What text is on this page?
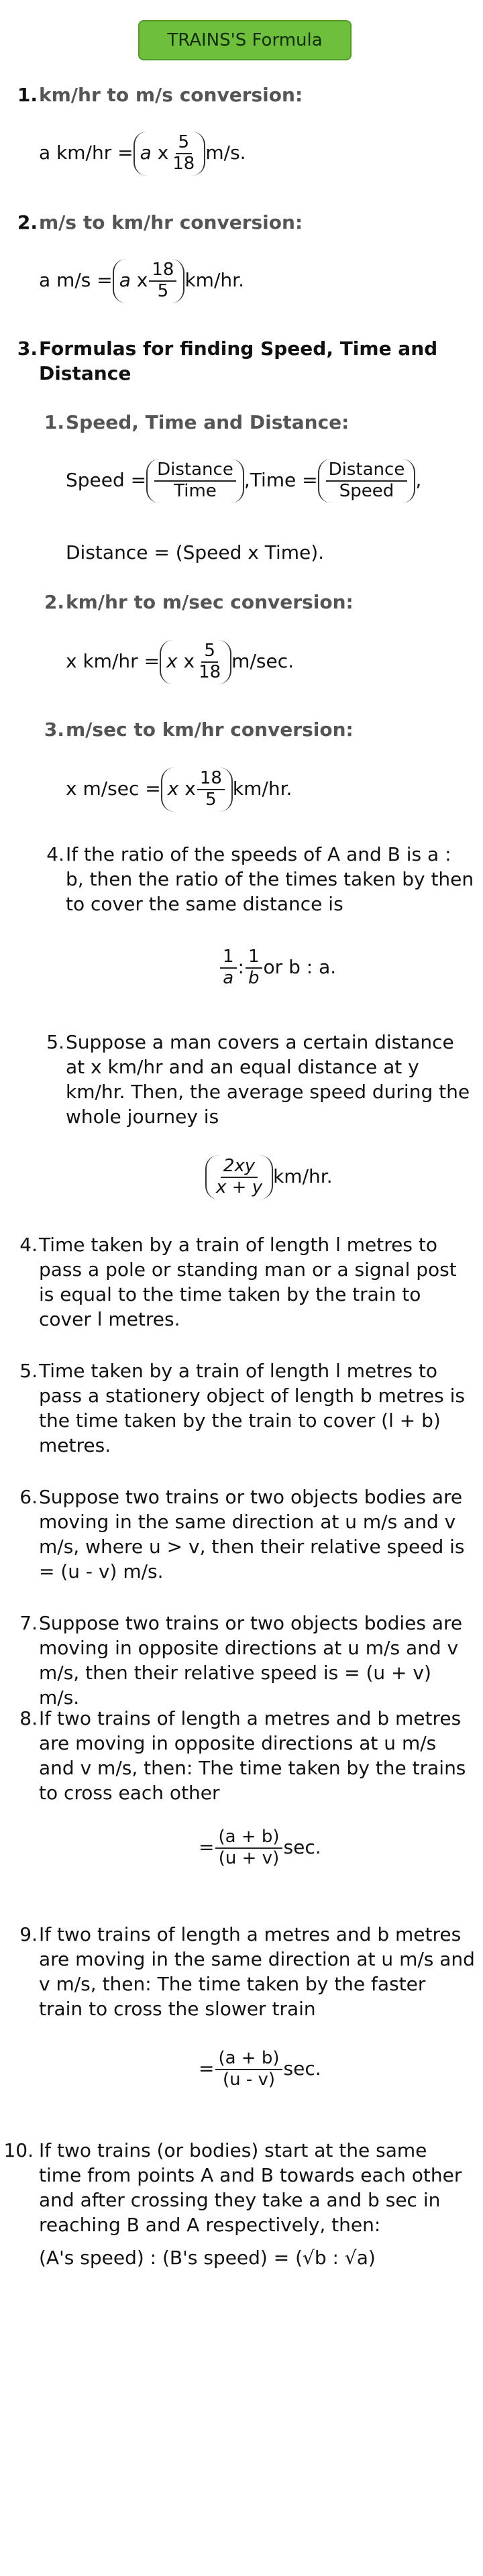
TRAINS'S Formula
1. km/hr to m/s conversion:
a km/hr = a
x $\frac{5}{18} m/s$.
2. m/s to km/hr conversion:
a m/s = a
x $\frac{18}{5} km/hr$.
3. Formulas for finding Speed, Time and Distance
1. Speed, Time and Distance:
Speed = $\frac{\text{Distance}}{\text{Time}}$ ,Time = $\frac{\text{Distance}}{\text{Speed}}$ ,
Distance = (Speed x Time).
2. km/hr to m/sec conversion:
x km/hr = x
x $\frac{5}{18} m/\sec$.
3. m/sec to km/hr conversion:
x m/sec = x
x $\frac{18}{5} km/hr$.
4. If the ratio of the speeds of A and B is a : b, then the ratio of the times taken by then to cover the same distance is
$\frac{1}{a}$ : $\frac{1}{b}$ or b : a.
5. Suppose a man covers a certain distance at x km/hr and an equal distance at y km/hr. Then, the average speed during the whole journey is
$\frac{2xy}{x + y} km/hr$.
4. Time taken by a train of length l metres to pass a pole or standing man or a signal post is equal to the time taken by the train to cover l metres.
5. Time taken by a train of length l metres to pass a stationery object of length b metres is the time taken by the train to cover (l + b) metres.
6. Suppose two trains or two objects bodies are moving in the same direction at u m/s and v m/s, where u > v, then their relative speed is = (u - v) m/s.
7. Suppose two trains or two objects bodies are moving in opposite directions at u m/s and v m/s, then their relative speed is = (u + v) m/s.
8. If two trains of length a metres and b metres are moving in opposite directions at u m/s and v m/s, then: The time taken by the trains to cross each other
= $\frac{(a + b)}{(u + v)} \sec$.
9. If two trains of length a metres and b metres are moving in the same direction at u m/s and v m/s, then: The time taken by the faster train to cross the slower train
= $\frac{(a + b)}{(u - v)} \sec$.
10. If two trains (or bodies) start at the same time from points A and B towards each other and after crossing they take a and b sec in reaching B and A respectively, then:
(A's speed) : (B's speed) = (√b : √a)
